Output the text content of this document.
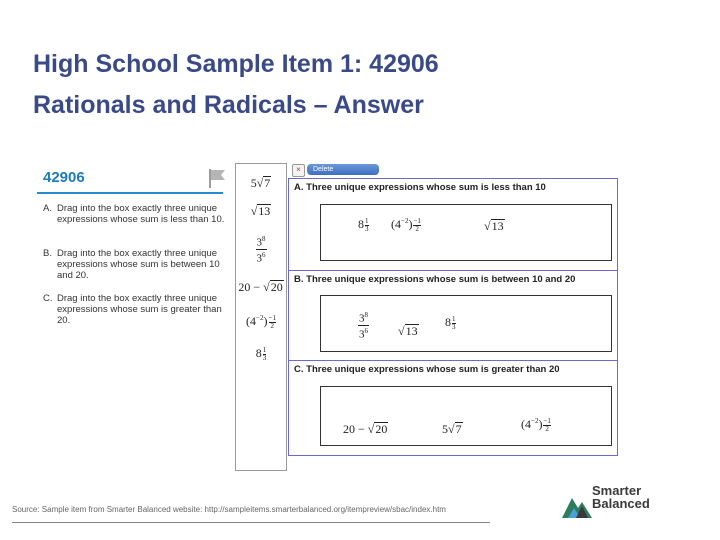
High School Sample Item 1: 42906
Rationals and Radicals – Answer
42906
A. Drag into the box exactly three unique expressions whose sum is less than 10.
B. Drag into the box exactly three unique expressions whose sum is between 10 and 20.
C. Drag into the box exactly three unique expressions whose sum is greater than 20.
5√7
√13
$\frac{3^8}{3^6}$
20 − √20
$(4^{-2}) \frac{-1}{2}$
$8 \frac{1}{3}$
×	Delete
A. Three unique expressions whose sum is less than 10
$8 \frac{1}{3} (4^{-2}) \frac{-1}{2}$	√13
B. Three unique expressions whose sum is between 10 and 20
$\frac{3^8}{3^6} √13$
$8 \frac{1}{3}$
C. Three unique expressions whose sum is greater than 20
20 − √20	5√7	$(4^{-2}) \frac{-1}{2}$
Source: Sample item from Smarter Balanced website: http://sampleitems.smarterbalanced.org/itempreview/sbac/index.htm
Smarter
Balanced
